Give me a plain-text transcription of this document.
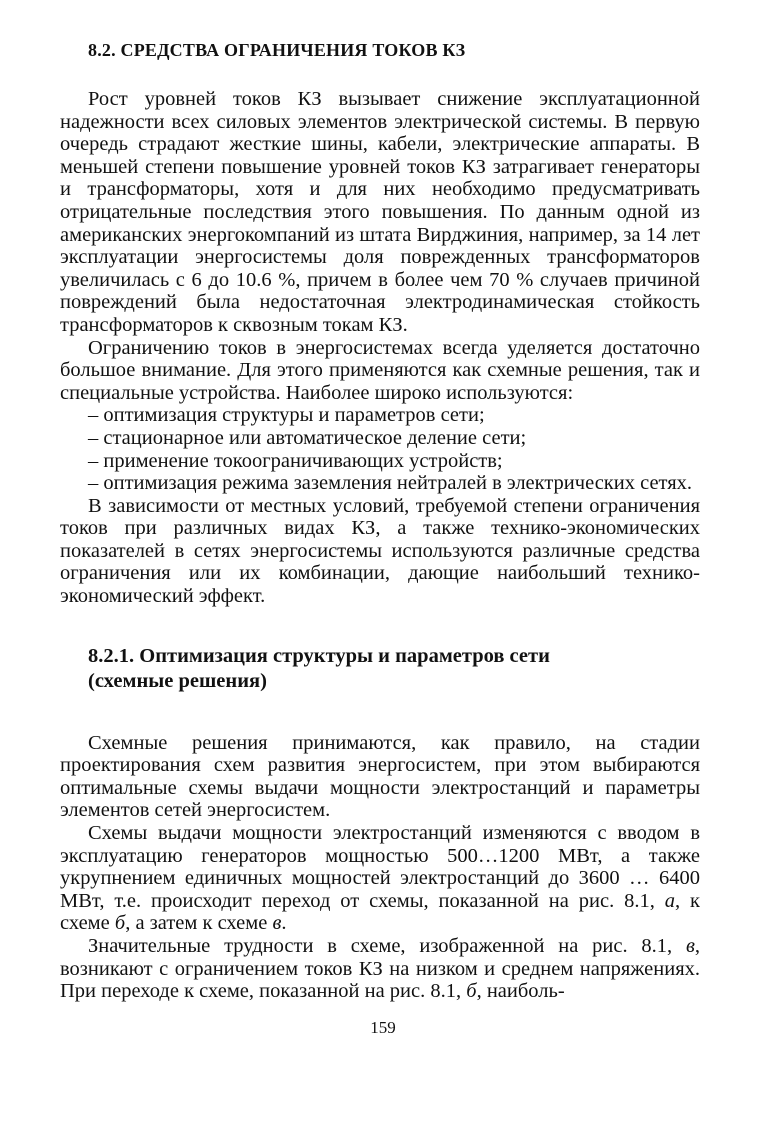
8.2. СРЕДСТВА ОГРАНИЧЕНИЯ ТОКОВ КЗ

Рост уровней токов КЗ вызывает снижение эксплуатационной надежности всех силовых элементов электрической системы. В первую очередь страдают жесткие шины, кабели, электрические аппараты. В меньшей степени повышение уровней токов КЗ затрагивает генераторы и трансформаторы, хотя и для них необходимо предусматривать отрицательные последствия этого повышения. По данным одной из американских энергокомпаний из штата Вирджиния, например, за 14 лет эксплуатации энергосистемы доля поврежденных трансформаторов увеличилась с 6 до 10.6 %, причем в более чем 70 % случаев причиной повреждений была недостаточная электродинамическая стойкость трансформаторов к сквозным токам КЗ.

Ограничению токов в энергосистемах всегда уделяется достаточно большое внимание. Для этого применяются как схемные решения, так и специальные устройства. Наиболее широко используются:

– оптимизация структуры и параметров сети;

– стационарное или автоматическое деление сети;

– применение токоограничивающих устройств;

– оптимизация режима заземления нейтралей в электрических сетях.

В зависимости от местных условий, требуемой степени ограничения токов при различных видах КЗ, а также технико-экономических показателей в сетях энергосистемы используются различные средства ограничения или их комбинации, дающие наибольший технико-экономический эффект.

8.2.1. Оптимизация структуры и параметров сети
(схемные решения)

Схемные решения принимаются, как правило, на стадии проектирования схем развития энергосистем, при этом выбираются оптимальные схемы выдачи мощности электростанций и параметры элементов сетей энергосистем.

Схемы выдачи мощности электростанций изменяются с вводом в эксплуатацию генераторов мощностью 500…1200 МВт, а также укрупнением единичных мощностей электростанций до 3600 … 6400 МВт, т.е. происходит переход от схемы, показанной на рис. 8.1, а, к схеме б, а затем к схеме в.

Значительные трудности в схеме, изображенной на рис. 8.1, в, возникают с ограничением токов КЗ на низком и среднем напряжениях. При переходе к схеме, показанной на рис. 8.1, б, наиболь-

159
